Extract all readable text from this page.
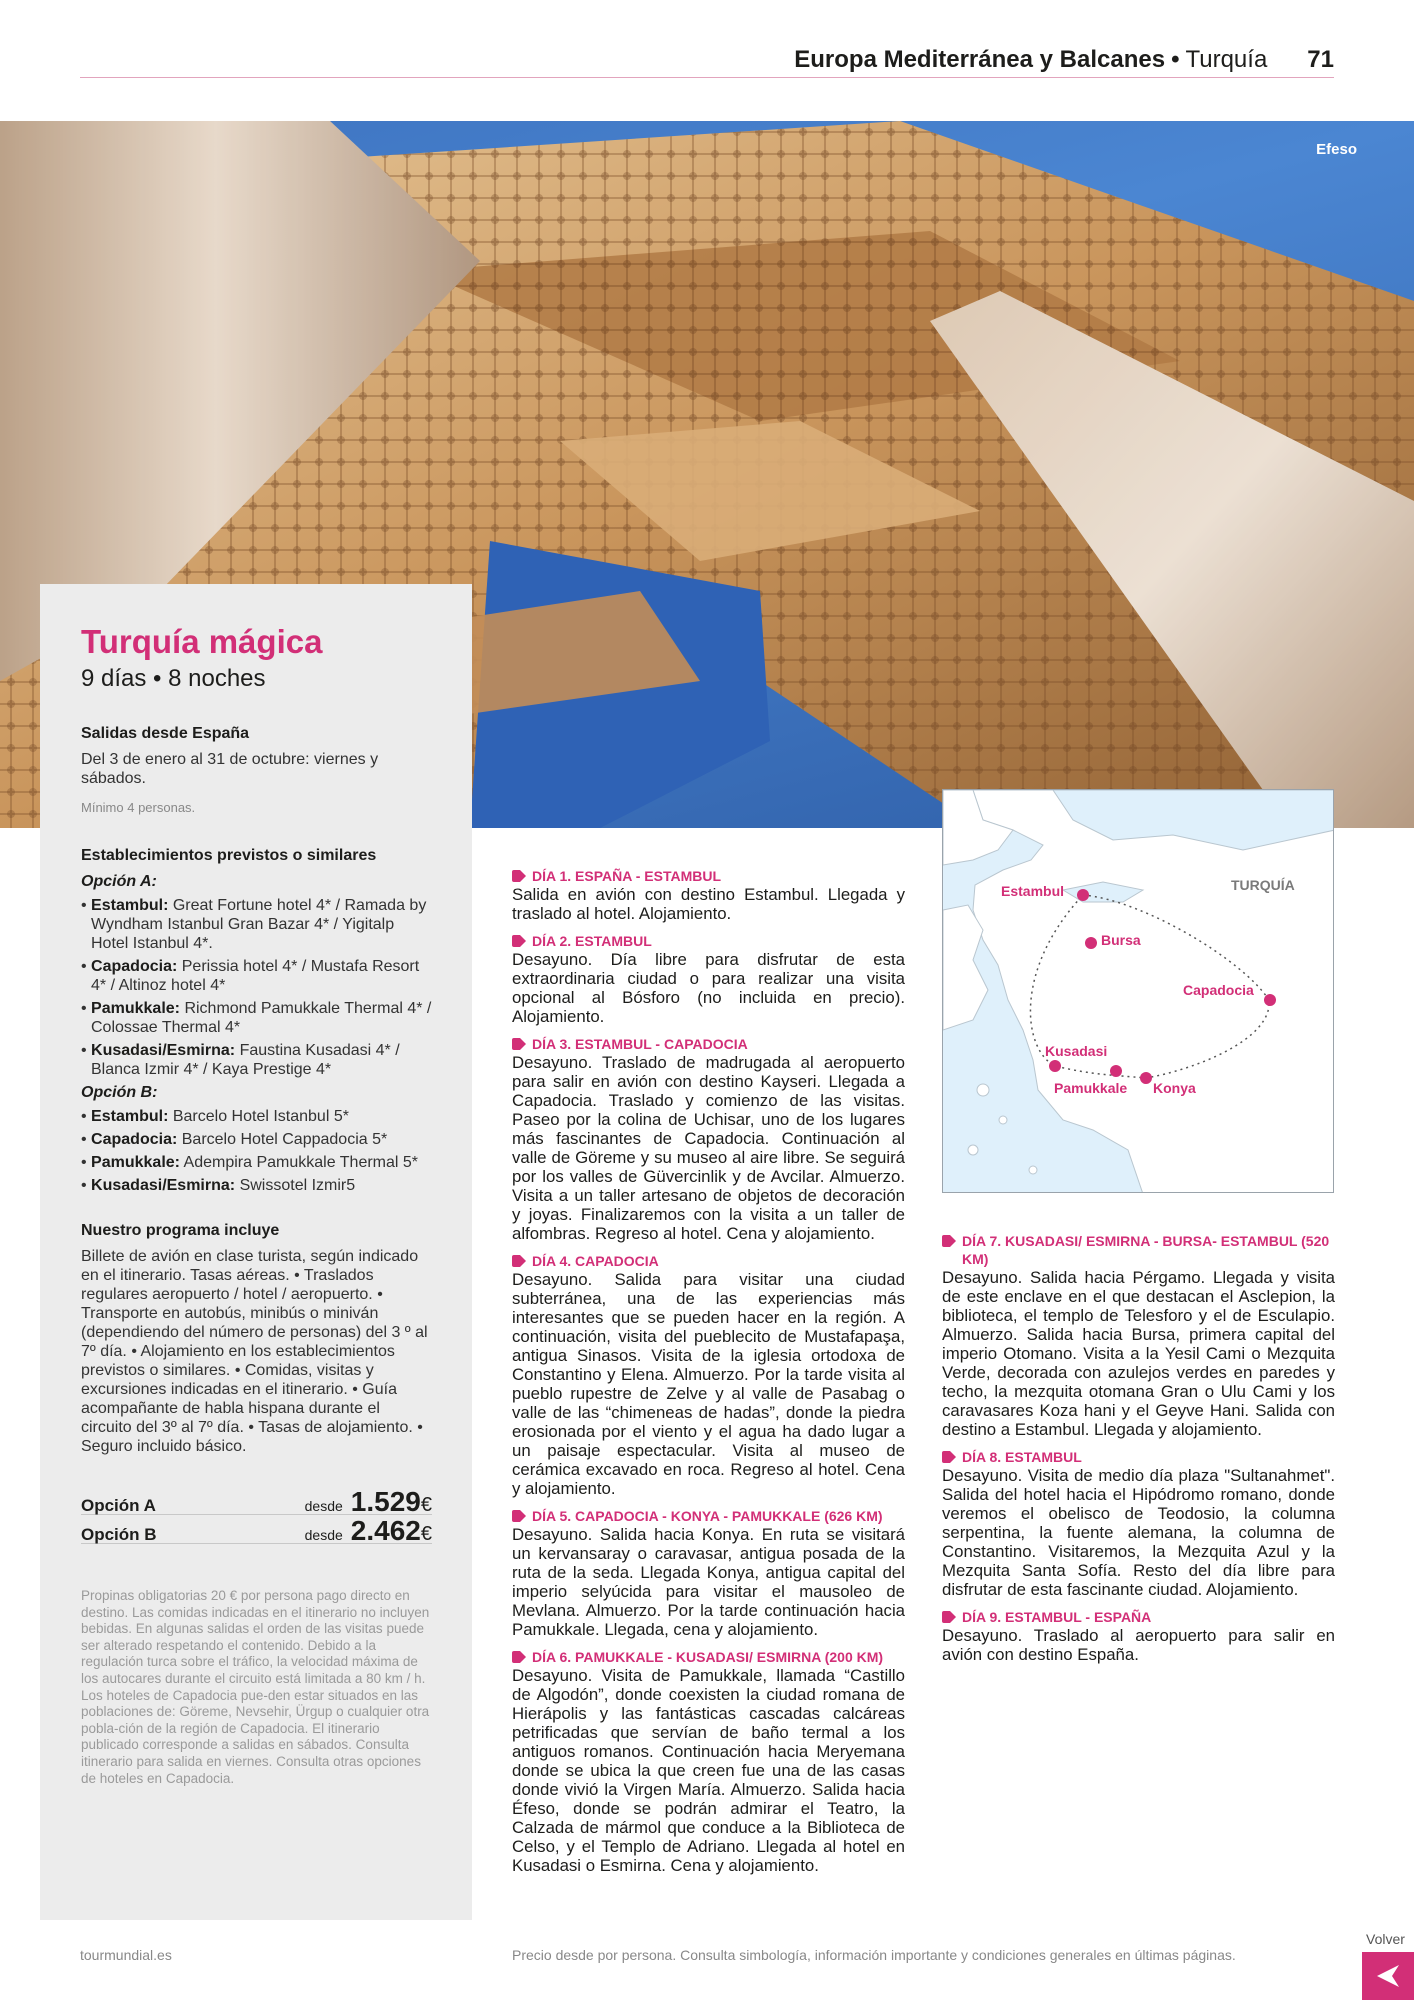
Europa Mediterránea y Balcanes • Turquía 71
Efeso
Turquía mágica
9 días • 8 noches
Salidas desde España
Del 3 de enero al 31 de octubre: viernes y sábados.
Mínimo 4 personas.
Establecimientos previstos o similares
Opción A:
• Estambul: Great Fortune hotel 4* / Ramada by Wyndham Istanbul Gran Bazar 4* / Yigitalp Hotel Istanbul 4*.
• Capadocia: Perissia hotel 4* / Mustafa Resort 4* / Altinoz hotel 4*
• Pamukkale: Richmond Pamukkale Thermal 4* / Colossae Thermal 4*
• Kusadasi/Esmirna: Faustina Kusadasi 4* / Blanca Izmir 4* / Kaya Prestige 4*
Opción B:
• Estambul: Barcelo Hotel Istanbul 5*
• Capadocia: Barcelo Hotel Cappadocia 5*
• Pamukkale: Adempira Pamukkale Thermal 5*
• Kusadasi/Esmirna: Swissotel Izmir5
Nuestro programa incluye
Billete de avión en clase turista, según indicado en el itinerario. Tasas aéreas. • Traslados regulares aeropuerto / hotel / aeropuerto. • Transporte en autobús, minibús o miniván (dependiendo del número de personas) del 3 º al 7º día. • Alojamiento en los establecimientos previstos o similares. • Comidas, visitas y excursiones indicadas en el itinerario. • Guía acompañante de habla hispana durante el circuito del 3º al 7º día. • Tasas de alojamiento. • Seguro incluido básico.
Opción A	desde 1.529 €
Opción B	desde 2.462 €
Propinas obligatorias 20 € por persona pago directo en destino. Las comidas indicadas en el itinerario no incluyen bebidas. En algunas salidas el orden de las visitas puede ser alterado respetando el contenido. Debido a la regulación turca sobre el tráfico, la velocidad máxima de los autocares durante el circuito está limitada a 80 km / h. Los hoteles de Capadocia pue-den estar situados en las poblaciones de: Göreme, Nevsehir, Ürgup o cualquier otra pobla-ción de la región de Capadocia. El itinerario publicado corresponde a salidas en sábados. Consulta itinerario para salida en viernes. Consulta otras opciones de hoteles en Capadocia.
DÍA 1. ESPAÑA - ESTAMBUL
Salida en avión con destino Estambul. Llegada y traslado al hotel. Alojamiento.
DÍA 2. ESTAMBUL
Desayuno. Día libre para disfrutar de esta extraordinaria ciudad o para realizar una visita opcional al Bósforo (no incluida en precio). Alojamiento.
DÍA 3. ESTAMBUL - CAPADOCIA
Desayuno. Traslado de madrugada al aeropuerto para salir en avión con destino Kayseri. Llegada a Capadocia. Traslado y comienzo de las visitas. Paseo por la colina de Uchisar, uno de los lugares más fascinantes de Capadocia. Continuación al valle de Göreme y su museo al aire libre. Se seguirá por los valles de Güvercinlik y de Avcilar. Almuerzo. Visita a un taller artesano de objetos de decoración y joyas. Finalizaremos con la visita a un taller de alfombras. Regreso al hotel. Cena y alojamiento.
DÍA 4. CAPADOCIA
Desayuno. Salida para visitar una ciudad subterránea, una de las experiencias más interesantes que se pueden hacer en la región. A continuación, visita del pueblecito de Mustafapaşa, antigua Sinasos. Visita de la iglesia ortodoxa de Constantino y Elena. Almuerzo. Por la tarde visita al pueblo rupestre de Zelve y al valle de Pasabag o valle de las “chimeneas de hadas”, donde la piedra erosionada por el viento y el agua ha dado lugar a un paisaje espectacular. Visita al museo de cerámica excavado en roca. Regreso al hotel. Cena y alojamiento.
DÍA 5. CAPADOCIA - KONYA - PAMUKKALE (626 KM)
Desayuno. Salida hacia Konya. En ruta se visitará un kervansaray o caravasar, antigua posada de la ruta de la seda. Llegada Konya, antigua capital del imperio selyúcida para visitar el mausoleo de Mevlana. Almuerzo. Por la tarde continuación hacia Pamukkale. Llegada, cena y alojamiento.
DÍA 6. PAMUKKALE - KUSADASI/ ESMIRNA (200 KM)
Desayuno. Visita de Pamukkale, llamada “Castillo de Algodón”, donde coexisten la ciudad romana de Hierápolis y las fantásticas cascadas calcáreas petrificadas que servían de baño termal a los antiguos romanos. Continuación hacia Meryemana donde se ubica la que creen fue una de las casas donde vivió la Virgen María. Almuerzo. Salida hacia Éfeso, donde se podrán admirar el Teatro, la Calzada de mármol que conduce a la Biblioteca de Celso, y el Templo de Adriano. Llegada al hotel en Kusadasi o Esmirna. Cena y alojamiento.
TURQUÍA
Estambul
Bursa
Capadocia
Kusadasi
Pamukkale Konya
DÍA 7. KUSADASI/ ESMIRNA - BURSA- ESTAMBUL (520 KM)
Desayuno. Salida hacia Pérgamo. Llegada y visita de este enclave en el que destacan el Asclepion, la biblioteca, el templo de Telesforo y el de Esculapio. Almuerzo. Salida hacia Bursa, primera capital del imperio Otomano. Visita a la Yesil Cami o Mezquita Verde, decorada con azulejos verdes en paredes y techo, la mezquita otomana Gran o Ulu Cami y los caravasares Koza hani y el Geyve Hani. Salida con destino a Estambul. Llegada y alojamiento.
DÍA 8. ESTAMBUL
Desayuno. Visita de medio día plaza "Sultanahmet". Salida del hotel hacia el Hipódromo romano, donde veremos el obelisco de Teodosio, la columna serpentina, la fuente alemana, la columna de Constantino. Visitaremos, la Mezquita Azul y la Mezquita Santa Sofía. Resto del día libre para disfrutar de esta fascinante ciudad. Alojamiento.
DÍA 9. ESTAMBUL - ESPAÑA
Desayuno. Traslado al aeropuerto para salir en avión con destino España.
tourmundial.es	Precio desde por persona. Consulta simbología, información importante y condiciones generales en últimas páginas.
Volver
